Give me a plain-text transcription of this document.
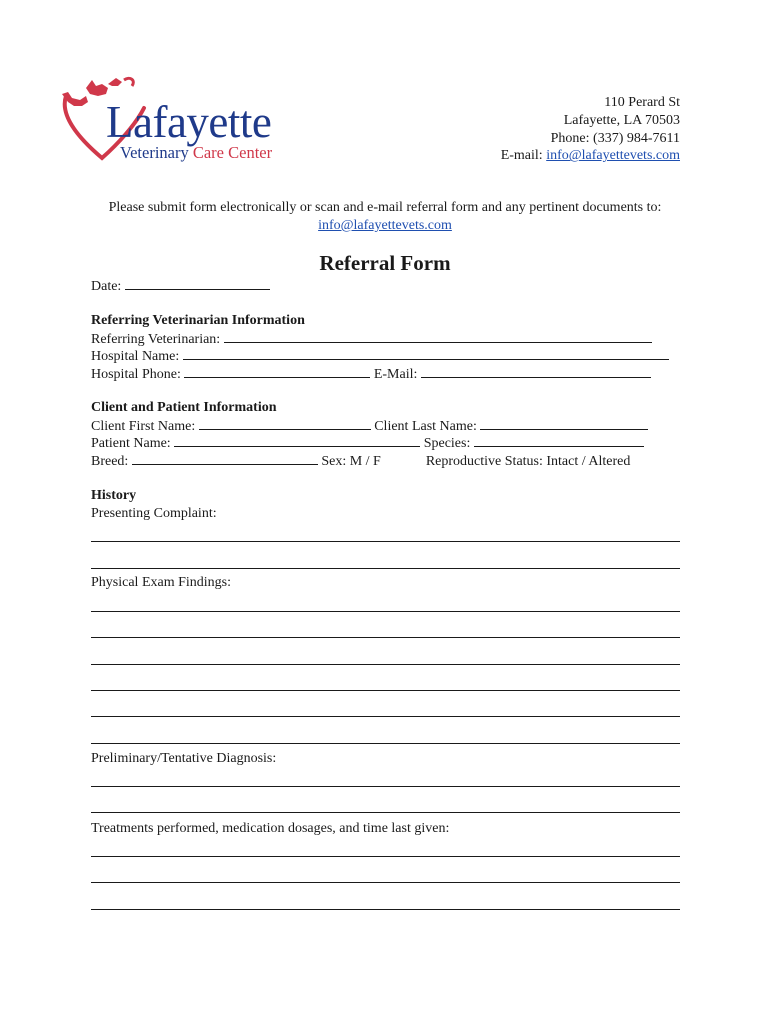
Lafayette
Veterinary Care Center
110 Perard St
Lafayette, LA 70503
Phone: (337) 984-7611
E-mail: info@lafayettevets.com
Please submit form electronically or scan and e-mail referral form and any pertinent documents to:
info@lafayettevets.com
Referral Form
Date:
Referring Veterinarian Information
Referring Veterinarian:
Hospital Name:
Hospital Phone:	E-Mail:
Client and Patient Information
Client First Name:	Client Last Name:
Patient Name:	Species:
Breed:	Sex: M / F	Reproductive Status: Intact / Altered
History
Presenting Complaint:
Physical Exam Findings:
Preliminary/Tentative Diagnosis:
Treatments performed, medication dosages, and time last given:
